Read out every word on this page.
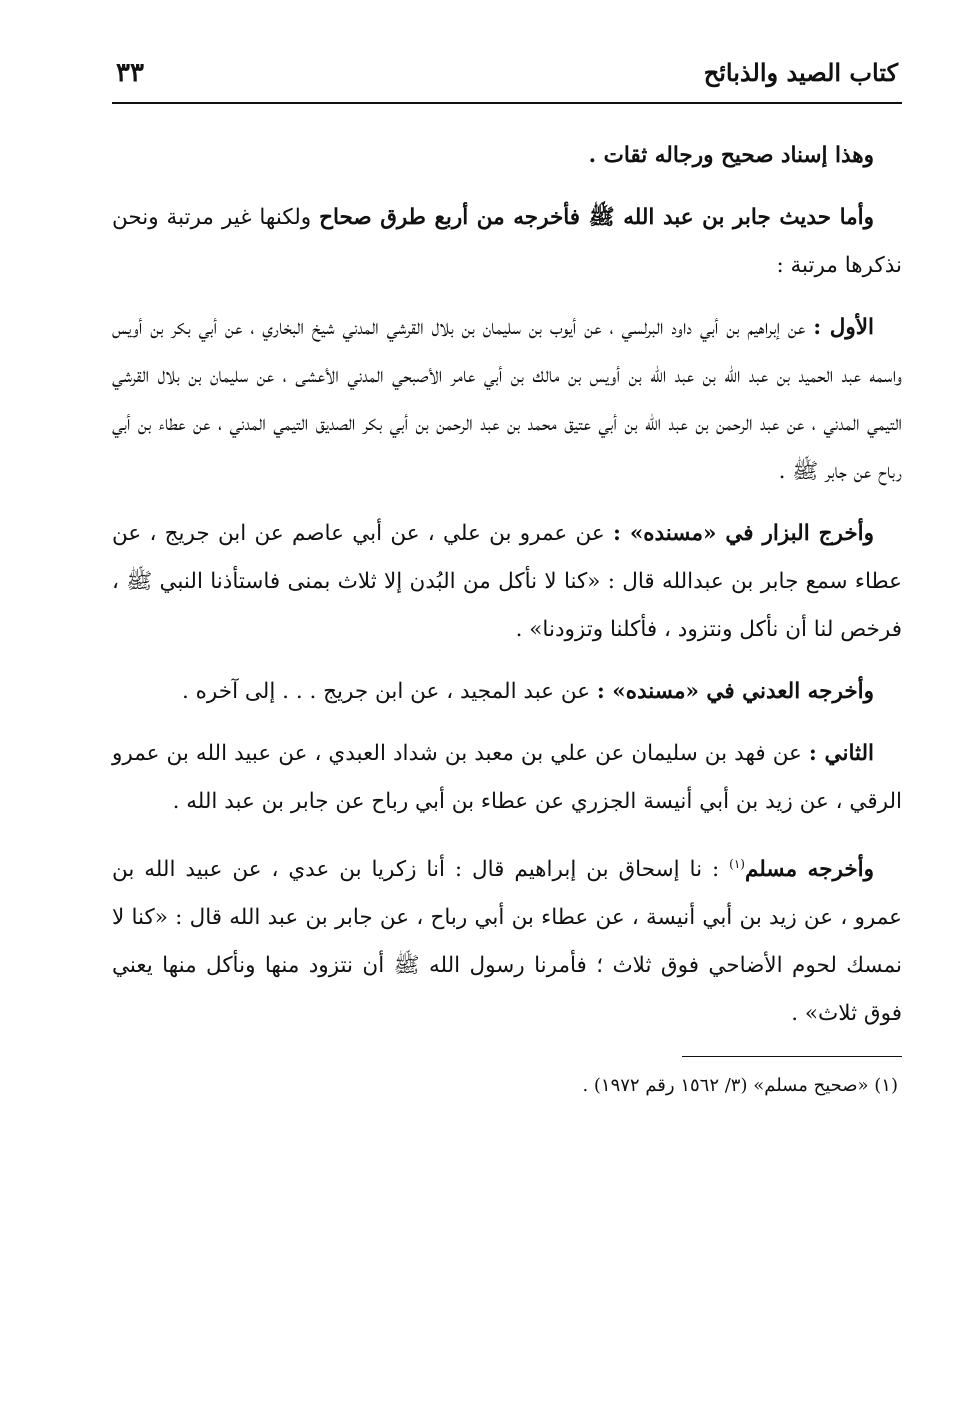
كتاب الصيد والذبائح
٣٣

وهذا إسناد صحيح ورجاله ثقات .

وأما حديث جابر بن عبد الله ﷺ فأخرجه من أربع طرق صحاح ولكنها غير مرتبة ونحن نذكرها مرتبة :

الأول : عن إبراهيم بن أبي داود البرلسي ، عن أيوب بن سليمان بن بلال القرشي المدني شيخ البخاري ، عن أبي بكر بن أويس واسمه عبد الحميد بن عبد الله بن عبد الله بن أويس بن مالك بن أبي عامر الأصبحي المدني الأعشى ، عن سليمان بن بلال القرشي التيمي المدني ، عن عبد الرحمن بن عبد الله بن أبي عتيق محمد بن عبد الرحمن بن أبي بكر الصديق التيمي المدني ، عن عطاء بن أبي رباح عن جابر ﷺ .

وأخرج البزار في «مسنده» : عن عمرو بن علي ، عن أبي عاصم عن ابن جريج ، عن عطاء سمع جابر بن عبدالله قال : «كنا لا نأكل من البُدن إلا ثلاث بمنى فاستأذنا النبي ﷺ ، فرخص لنا أن نأكل ونتزود ، فأكلنا وتزودنا» .

وأخرجه العدني في «مسنده» : عن عبد المجيد ، عن ابن جريج . . . إلى آخره .

الثاني : عن فهد بن سليمان عن علي بن معبد بن شداد العبدي ، عن عبيد الله بن عمرو الرقي ، عن زيد بن أبي أنيسة الجزري عن عطاء بن أبي رباح عن جابر بن عبد الله .

وأخرجه مسلم$^{(١)}$ : نا إسحاق بن إبراهيم قال : أنا زكريا بن عدي ، عن عبيد الله بن عمرو ، عن زيد بن أبي أنيسة ، عن عطاء بن أبي رباح ، عن جابر بن عبد الله قال : «كنا لا نمسك لحوم الأضاحي فوق ثلاث ؛ فأمرنا رسول الله ﷺ أن نتزود منها ونأكل منها يعني فوق ثلاث» .

(١) «صحيح مسلم» (٣/ ١٥٦٢ رقم ١٩٧٢) .
